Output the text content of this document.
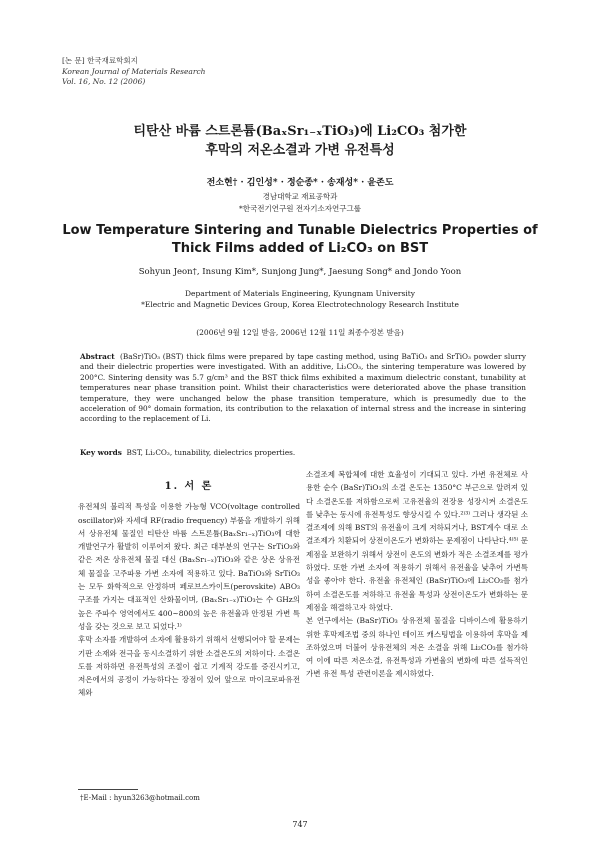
[논 문] 한국재료학회지
Korean Journal of Materials Research
Vol. 16, No. 12 (2006)
티탄산 바륨 스트론튬(BaₓSr₁₋ₓTiO₃)에 Li₂CO₃ 첨가한
후막의 저온소결과 가변 유전특성
전소현† · 김인성* · 정순종* · 송재성* · 윤존도
경남대학교 재료공학과
*한국전기연구원 전자기소자연구그룹
Low Temperature Sintering and Tunable Dielectrics Properties of
Thick Films added of Li₂CO₃ on BST
Sohyun Jeon†, Insung Kim*, Sunjong Jung*, Jaesung Song* and Jondo Yoon
Department of Materials Engineering, Kyungnam University
*Electric and Magnetic Devices Group, Korea Electrotechnology Research Institute
(2006년 9월 12일 받음, 2006년 12월 11일 최종수정본 받음)
Abstract (BaSr)TiO₃ (BST) thick films were prepared by tape casting method, using BaTiO₃ and SrTiO₃ powder slurry and their dielectric properties were investigated. With an additive, Li₂CO₃, the sintering temperature was lowered by 200°C. Sintering density was 5.7 g/cm³ and the BST thick films exhibited a maximum dielectric constant, tunability at temperatures near phase transition point. Whilst their characteristics were deteriorated above the phase transition temperature, they were unchanged below the phase transition temperature, which is presumedly due to the acceleration of 90° domain formation, its contribution to the relaxation of internal stress and the increase in sintering according to the replacement of Li.
Key words BST, Li₂CO₃, tunability, dielectrics properties.
1. 서 론

유전체의 불리적 특성을 이용한 가능형 VCO(voltage controlled oscillator)와 자세대 RF(radio frequency) 부품을 개발하기 위해서 상유전체 물질인 티탄산 바륨 스트론튬(BaₓSr₁₋ₓ)TiO₃에 대한 개발연구가 활발히 이루어져 왔다. 최근 대부분의 연구는 SrTiO₃와 같은 저온 상유전체 물질 대신 (BaₓSr₁₋ₓ)TiO₃와 같은 상온 상유전체 물질을 고주파용 가변 소자에 적용하고 있다. BaTiO₃와 SrTiO₃는 모두 화학적으로 안정하며 페로브스카이트(perovskite) ABO₃ 구조를 가지는 대표적인 산화물이며, (BaₓSr₁₋ₓ)TiO₃는 수 GHz의 높은 주파수 영역에서도 400~800의 높은 유전율과 안정된 가변 특성을 갖는 것으로 보고 되었다.¹⁾

후막 소자를 개발하여 소자에 활용하기 위해서 선행되어야 할 문제는 기판 소재와 전극을 동시소결하기 위한 소결온도의 저하이다. 소결온도를 저하하면 유전특성의 조절이 쉽고 기계적 강도를 증진시키고, 저온에서의 공정이 가능하다는 장점이 있어 앞으로 마이크로파유전체와

소결조제 복합체에 대한 효율성이 기대되고 있다. 가변 유전체로 사용한 순수 (BaSr)TiO₃의 소결 온도는 1350°C 부근으로 알려져 있다 소결온도를 저하함으로써 고유전율의 전장용 성장시켜 소결온도를 낮추는 동시에 유전특성도 향상시킬 수 있다.²⁾³⁾ 그러나 생각된 소결조제에 의해 BST의 유전율이 크게 저하되거나, BST계수 대로 소결조제가 치환되어 상전이온도가 변화하는 문제점이 나타난다.⁴⁾⁵⁾ 문제점을 보완하기 위해서 상전이 온도의 변화가 적은 소결조제를 평가하였다. 또한 가변 소자에 적용하기 위해서 유전율을 낮추어 가변특성을 좋아야 한다. 유전율 유전체인 (BaSr)TiO₃에 Li₂CO₃를 첨가하여 소결온도를 저하하고 유전율 특성과 상전이온도가 변화하는 문제점을 해결하고자 하였다.

본 연구에서는 (BaSr)TiO₃ 상유전체 물질을 디바이스에 활용하기 위한 후막제조법 중의 하나인 테이프 캐스팅법을 이용하여 후막을 제조하였으며 더불어 상유전체의 저온 소결을 위해 Li₂CO₃를 첨가하여 이에 따른 저온소결, 유전특성과 가변율의 변화에 따른 설득적인 가변 유전 특성 관련이론을 제시하였다.

†E-Mail : hyun3263@hotmail.com
747
